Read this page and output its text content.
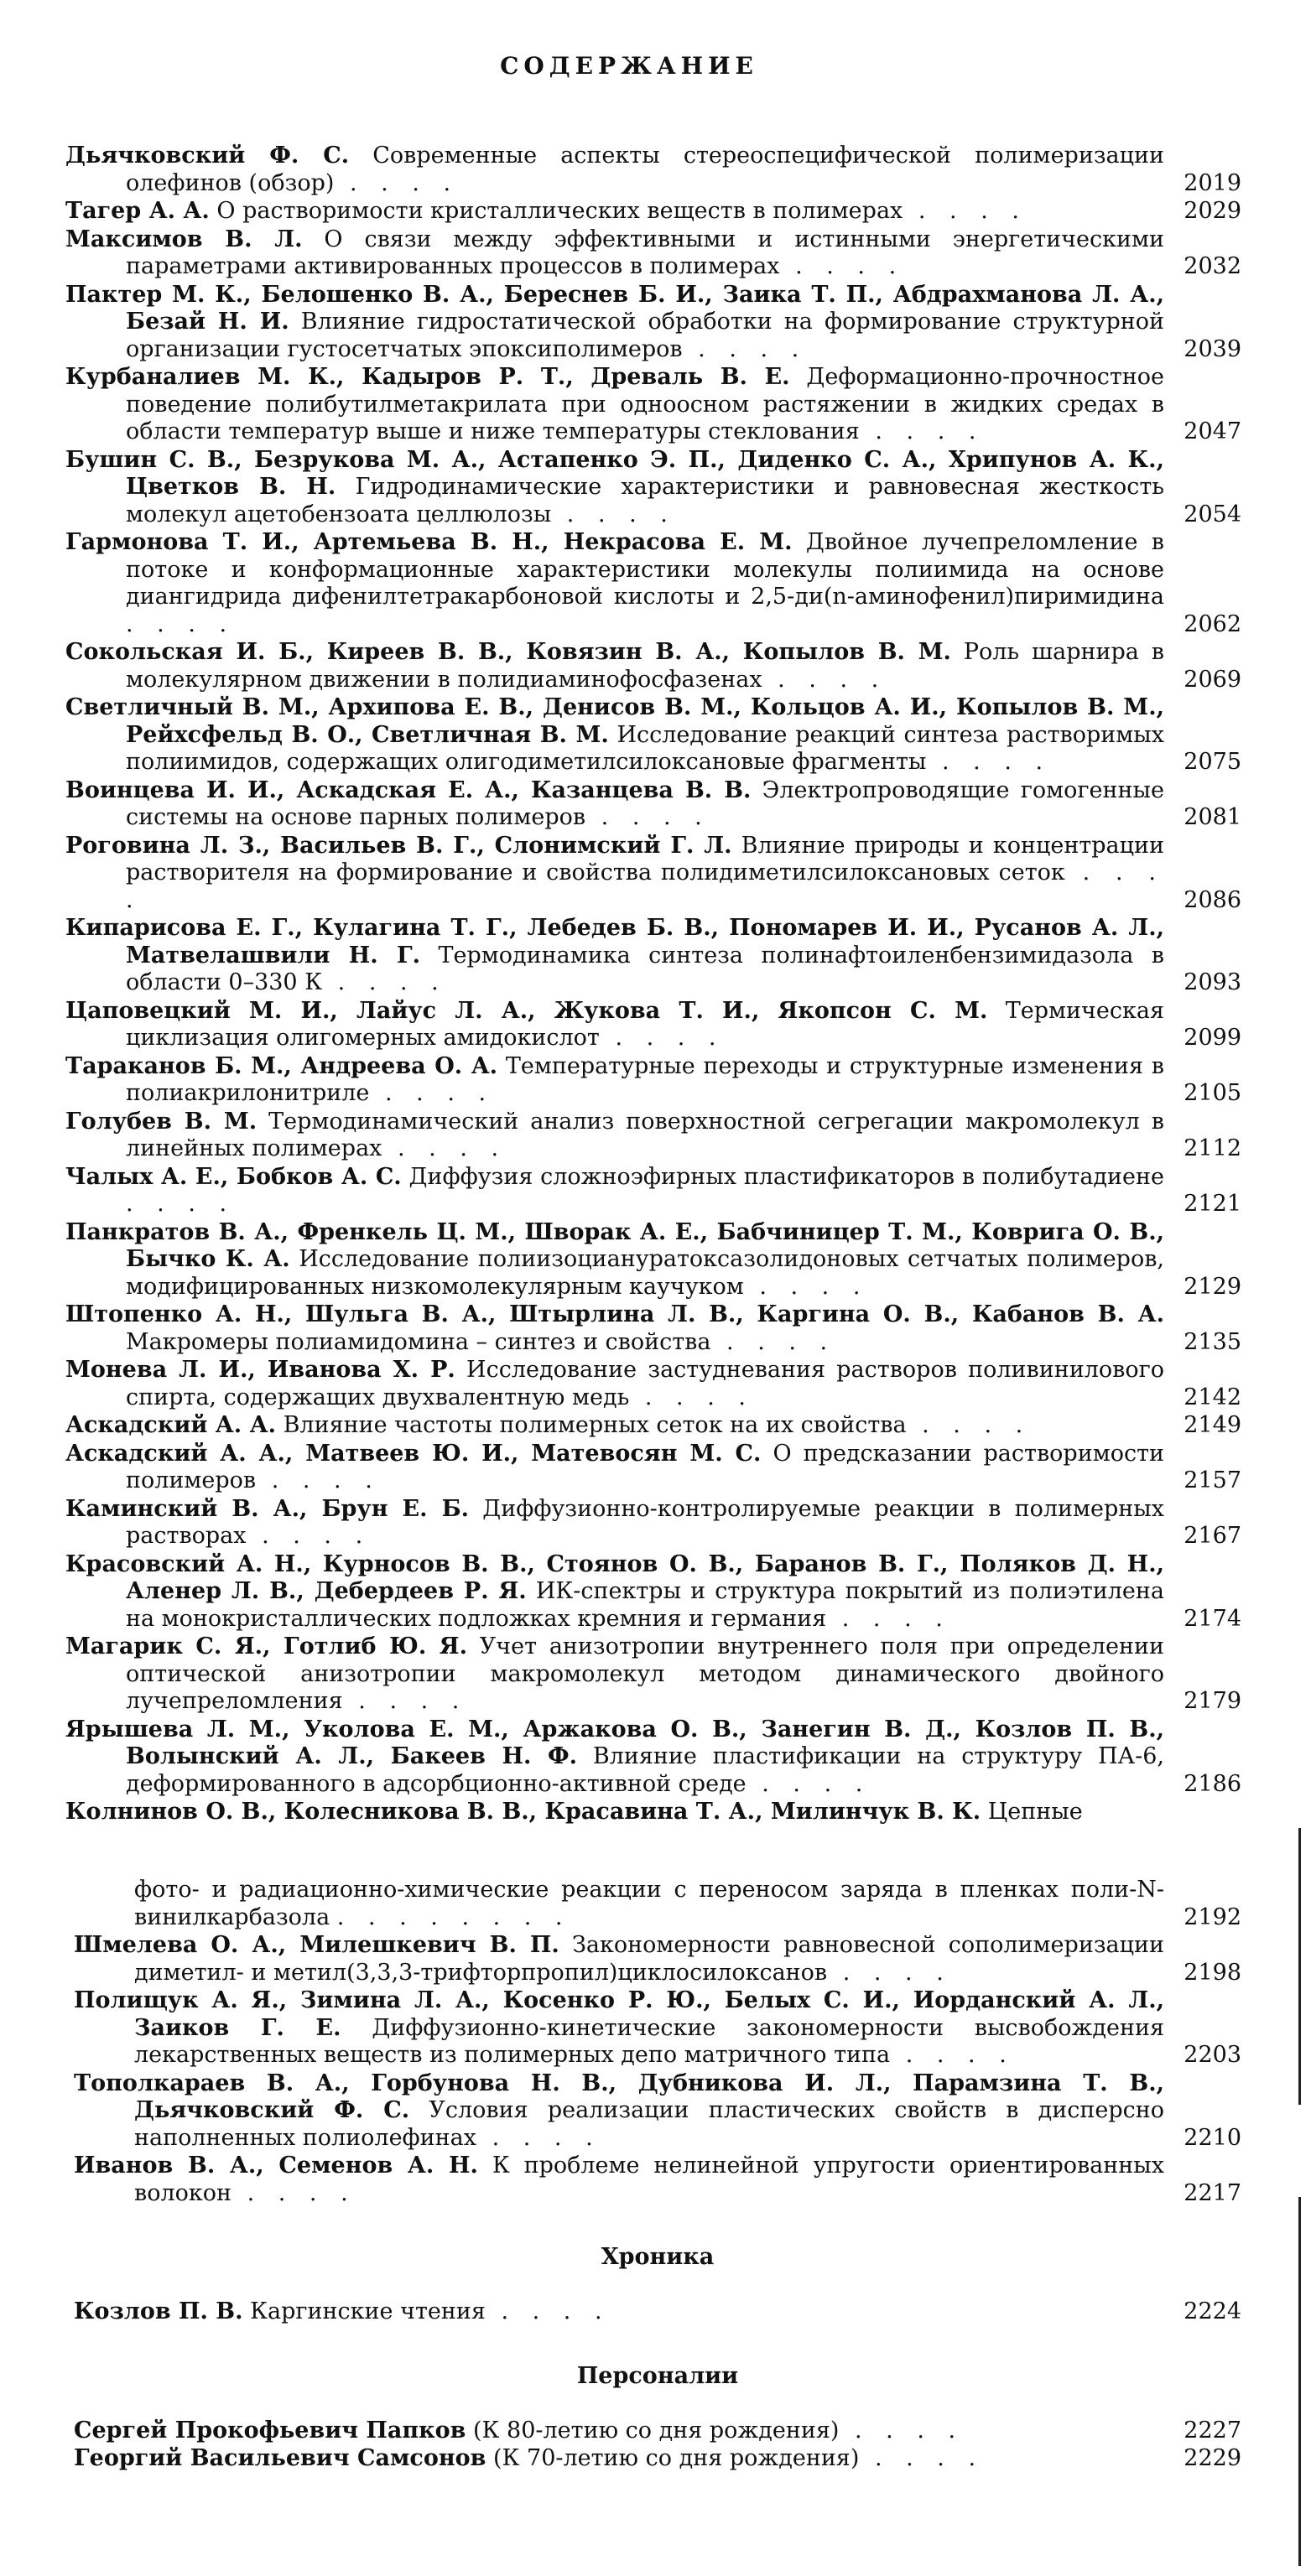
СОДЕРЖАНИЕ
Дьячковский Ф. С. Современные аспекты стереоспецифической полимеризации олефинов (обзор) . . . .	2019
Тагер А. А. О растворимости кристаллических веществ в полимерах . . . .	2029
Максимов В. Л. О связи между эффективными и истинными энергетическими параметрами активированных процессов в полимерах . . . .	2032
Пактер М. К., Белошенко В. А., Береснев Б. И., Заика Т. П., Абдрахманова Л. А., Безай Н. И. Влияние гидростатической обработки на формирование структурной организации густосетчатых эпоксиполимеров . . . .	2039
Курбаналиев М. К., Кадыров Р. Т., Древаль В. Е. Деформационно-прочностное поведение полибутилметакрилата при одноосном растяжении в жидких средах в области температур выше и ниже температуры стеклования . . . .	2047
Бушин С. В., Безрукова М. А., Астапенко Э. П., Диденко С. А., Хрипунов А. К., Цветков В. Н. Гидродинамические характеристики и равновесная жесткость молекул ацетобензоата целлюлозы . . . .	2054
Гармонова Т. И., Артемьева В. Н., Некрасова Е. М. Двойное лучепреломление в потоке и конформационные характеристики молекулы полиимида на основе диангидрида дифенилтетракарбоновой кислоты и 2,5-ди(n-аминофенил)пиримидина . . . .	2062
Сокольская И. Б., Киреев В. В., Ковязин В. А., Копылов В. М. Роль шарнира в молекулярном движении в полидиаминофосфазенах . . . .	2069
Светличный В. М., Архипова Е. В., Денисов В. М., Кольцов А. И., Копылов В. М., Рейхсфельд В. О., Светличная В. М. Исследование реакций синтеза растворимых полиимидов, содержащих олигодиметилсилоксановые фрагменты . . . .	2075
Воинцева И. И., Аскадская Е. А., Казанцева В. В. Электропроводящие гомогенные системы на основе парных полимеров . . . .	2081
Роговина Л. З., Васильев В. Г., Слонимский Г. Л. Влияние природы и концентрации растворителя на формирование и свойства полидиметилсилоксановых сеток . . . .	2086
Кипарисова Е. Г., Кулагина Т. Г., Лебедев Б. В., Пономарев И. И., Русанов А. Л., Матвелашвили Н. Г. Термодинамика синтеза полинафтоиленбензимидазола в области 0–330 К . . . .	2093
Цаповецкий М. И., Лайус Л. А., Жукова Т. И., Якопсон С. М. Термическая циклизация олигомерных амидокислот . . . .	2099
Тараканов Б. М., Андреева О. А. Температурные переходы и структурные изменения в полиакрилонитриле . . . .	2105
Голубев В. М. Термодинамический анализ поверхностной сегрегации макромолекул в линейных полимерах . . . .	2112
Чалых А. Е., Бобков А. С. Диффузия сложноэфирных пластификаторов в полибутадиене . . . .	2121
Панкратов В. А., Френкель Ц. М., Шворак А. Е., Бабчиницер Т. М., Коврига О. В., Бычко К. А. Исследование полиизоциануратоксазолидоновых сетчатых полимеров, модифицированных низкомолекулярным каучуком . . . .	2129
Штопенко А. Н., Шульга В. А., Штырлина Л. В., Каргина О. В., Кабанов В. А. Макромеры полиамидомина – синтез и свойства . . . .	2135
Монева Л. И., Иванова Х. Р. Исследование застудневания растворов поливинилового спирта, содержащих двухвалентную медь . . . .	2142
Аскадский А. А. Влияние частоты полимерных сеток на их свойства . . . .	2149
Аскадский А. А., Матвеев Ю. И., Матевосян М. С. О предсказании растворимости полимеров . . . .	2157
Каминский В. А., Брун Е. Б. Диффузионно-контролируемые реакции в полимерных растворах . . . .	2167
Красовский А. Н., Курносов В. В., Стоянов О. В., Баранов В. Г., Поляков Д. Н., Аленер Л. В., Дебердеев Р. Я. ИК-спектры и структура покрытий из полиэтилена на монокристаллических подложках кремния и германия . . . .	2174
Магарик С. Я., Готлиб Ю. Я. Учет анизотропии внутреннего поля при определении оптической анизотропии макромолекул методом динамического двойного лучепреломления . . . .	2179
Ярышева Л. М., Уколова Е. М., Аржакова О. В., Занегин В. Д., Козлов П. В., Волынский А. Л., Бакеев Н. Ф. Влияние пластификации на структуру ПА-6, деформированного в адсорбционно-активной среде . . . .	2186
Колнинов О. В., Колесникова В. В., Красавина Т. А., Милинчук В. К. Цепные
фото- и радиационно-химические реакции с переносом заряда в пленках поли-N-винилкарбазола . . . . . . . .	2192
Шмелева О. А., Милешкевич В. П. Закономерности равновесной сополимеризации диметил- и метил(3,3,3-трифторпропил)циклосилоксанов . . . .	2198
Полищук А. Я., Зимина Л. А., Косенко Р. Ю., Белых С. И., Иорданский А. Л., Заиков Г. Е. Диффузионно-кинетические закономерности высвобождения лекарственных веществ из полимерных депо матричного типа . . . .	2203
Тополкараев В. А., Горбунова Н. В., Дубникова И. Л., Парамзина Т. В., Дьячковский Ф. С. Условия реализации пластических свойств в дисперсно наполненных полиолефинах . . . .	2210
Иванов В. А., Семенов А. Н. К проблеме нелинейной упругости ориентированных волокон . . . .	2217
Хроника
Козлов П. В. Каргинские чтения . . . .	2224
Персоналии
Сергей Прокофьевич Папков (К 80-летию со дня рождения) . . . .	2227
Георгий Васильевич Самсонов (К 70-летию со дня рождения) . . . .	2229
